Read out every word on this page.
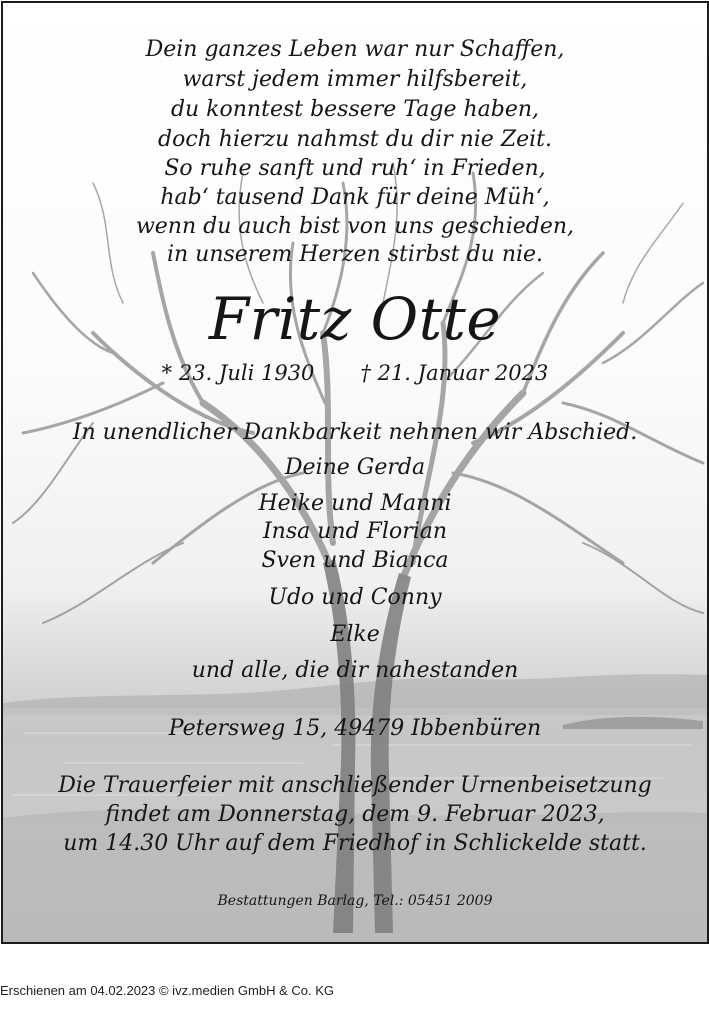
Dein ganzes Leben war nur Schaffen,
warst jedem immer hilfsbereit,
du konntest bessere Tage haben,
doch hierzu nahmst du dir nie Zeit.
So ruhe sanft und ruh‘ in Frieden,
hab‘ tausend Dank für deine Müh‘,
wenn du auch bist von uns geschieden,
in unserem Herzen stirbst du nie.
Fritz Otte
* 23. Juli 1930 † 21. Januar 2023
In unendlicher Dankbarkeit nehmen wir Abschied.
Deine Gerda
Heike und Manni
Insa und Florian
Sven und Bianca
Udo und Conny
Elke
und alle, die dir nahestanden
Petersweg 15, 49479 Ibbenbüren
Die Trauerfeier mit anschließender Urnenbeisetzung
findet am Donnerstag, dem 9. Februar 2023,
um 14.30 Uhr auf dem Friedhof in Schlickelde statt.
Bestattungen Barlag, Tel.: 05451 2009
Erschienen am 04.02.2023 © ivz.medien GmbH & Co. KG
